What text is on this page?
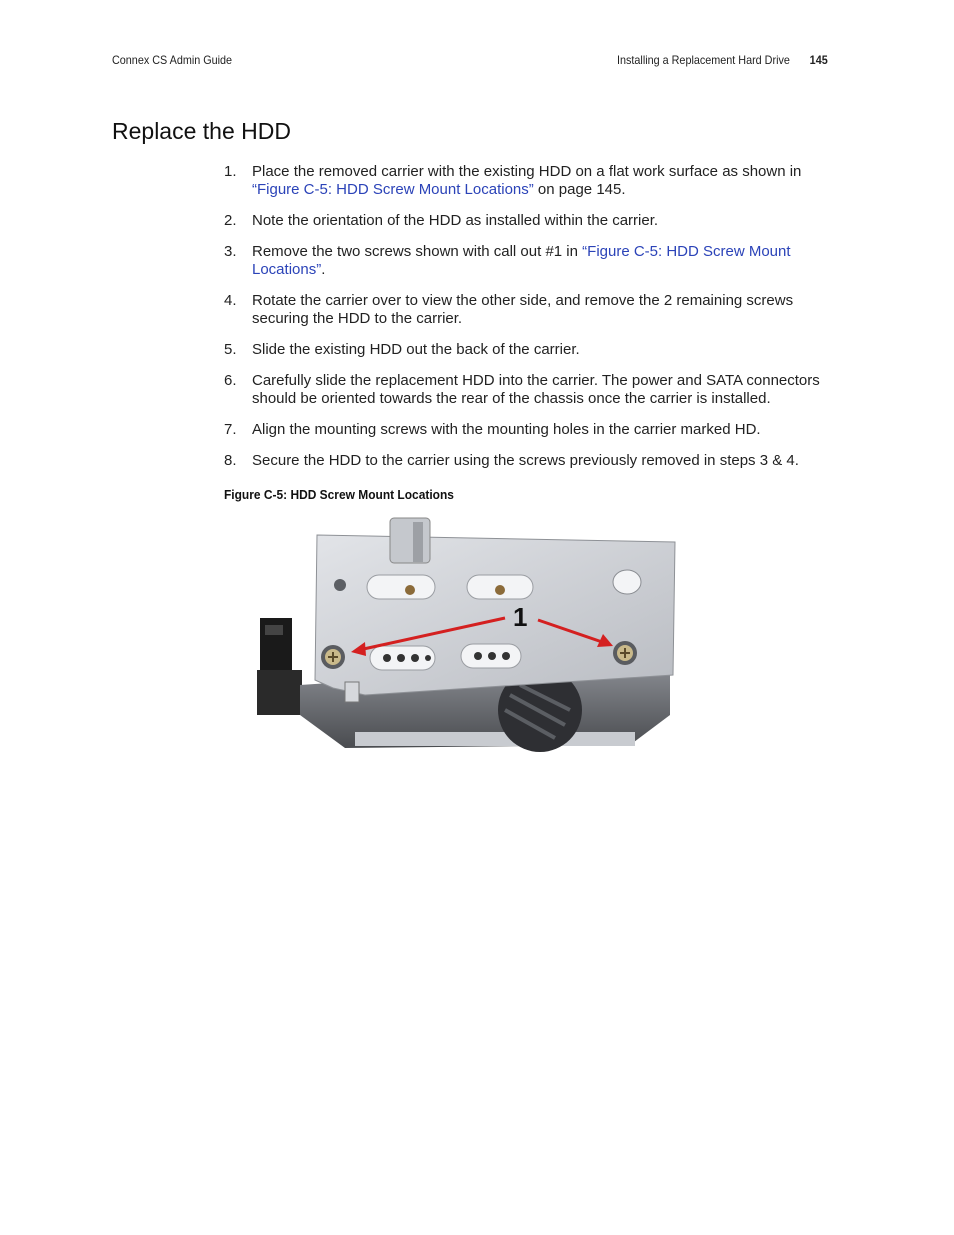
Connex CS Admin Guide	Installing a Replacement Hard Drive 145
Replace the HDD
1.	Place the removed carrier with the existing HDD on a flat work surface as shown in “Figure C-5: HDD Screw Mount Locations” on page 145.
2.	Note the orientation of the HDD as installed within the carrier.
3.	Remove the two screws shown with call out #1 in “Figure C-5: HDD Screw Mount Locations”.
4.	Rotate the carrier over to view the other side, and remove the 2 remaining screws securing the HDD to the carrier.
5.	Slide the existing HDD out the back of the carrier.
6.	Carefully slide the replacement HDD into the carrier. The power and SATA connectors should be oriented towards the rear of the chassis once the carrier is installed.
7.	Align the mounting screws with the mounting holes in the carrier marked HD.
8.	Secure the HDD to the carrier using the screws previously removed in steps 3 & 4.
Figure C-5: HDD Screw Mount Locations
1
